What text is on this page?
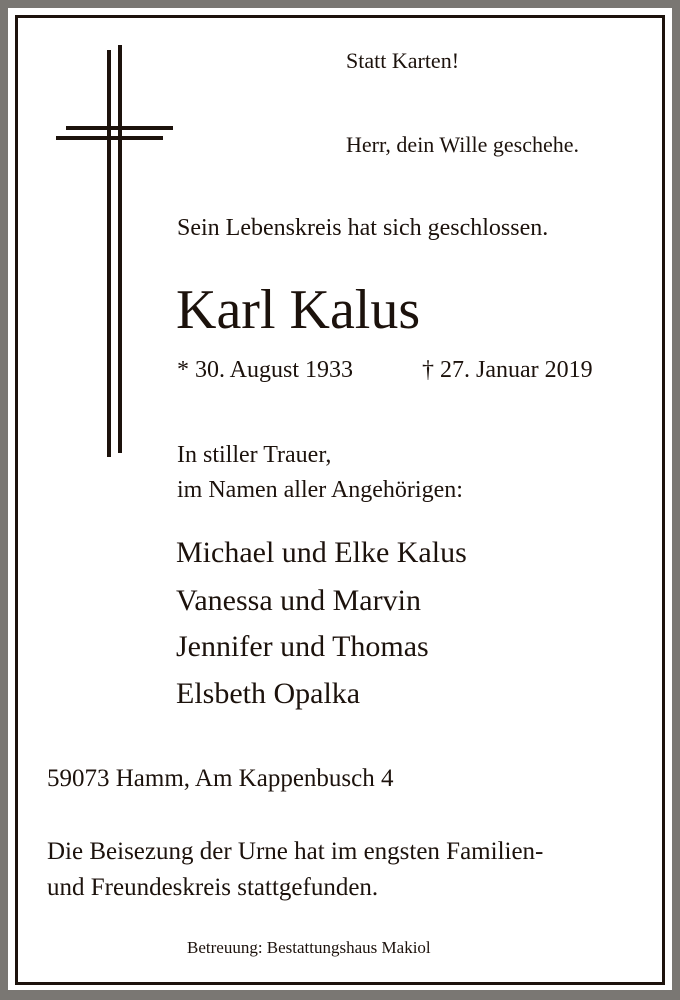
Statt Karten!
Herr, dein Wille geschehe.
Sein Lebenskreis hat sich geschlossen.
Karl Kalus
* 30. August 1933	† 27. Januar 2019
In stiller Trauer,
im Namen aller Angehörigen:
Michael und Elke Kalus
Vanessa und Marvin
Jennifer und Thomas
Elsbeth Opalka
59073 Hamm, Am Kappenbusch 4
Die Beisezung der Urne hat im engsten Familien-
und Freundeskreis stattgefunden.
Betreuung: Bestattungshaus Makiol
